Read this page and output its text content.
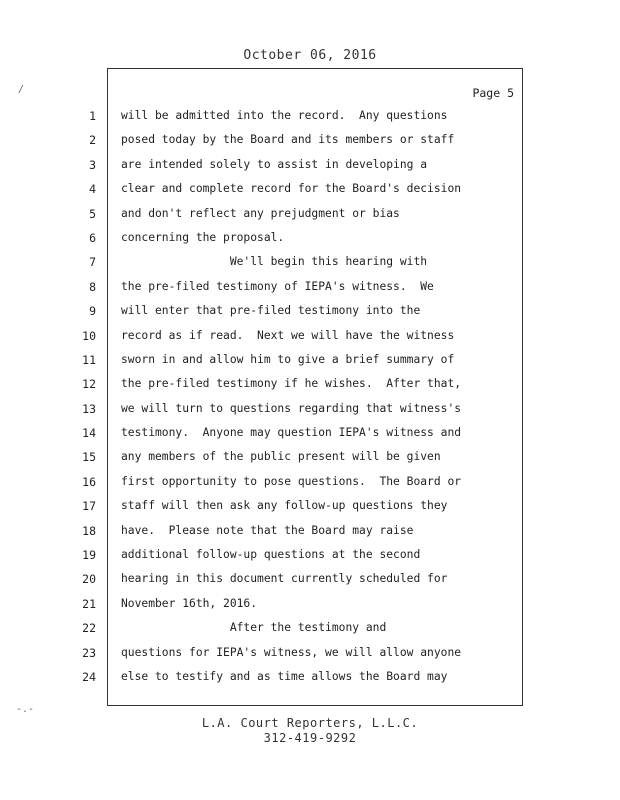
October 06, 2016
Page 5
1
2
3
4
5
6
7
8
9
10
11
12
13
14
15
16
17
18
19
20
21
22
23
24
will be admitted into the record.  Any questions
posed today by the Board and its members or staff
are intended solely to assist in developing a
clear and complete record for the Board's decision
and don't reflect any prejudgment or bias
concerning the proposal.
We'll begin this hearing with
the pre-filed testimony of IEPA's witness.  We
will enter that pre-filed testimony into the
record as if read.  Next we will have the witness
sworn in and allow him to give a brief summary of
the pre-filed testimony if he wishes.  After that,
we will turn to questions regarding that witness's
testimony.  Anyone may question IEPA's witness and
any members of the public present will be given
first opportunity to pose questions.  The Board or
staff will then ask any follow-up questions they
have.  Please note that the Board may raise
additional follow-up questions at the second
hearing in this document currently scheduled for
November 16th, 2016.
After the testimony and
questions for IEPA's witness, we will allow anyone
else to testify and as time allows the Board may
L.A. Court Reporters, L.L.C.
312-419-9292
/
-.-
